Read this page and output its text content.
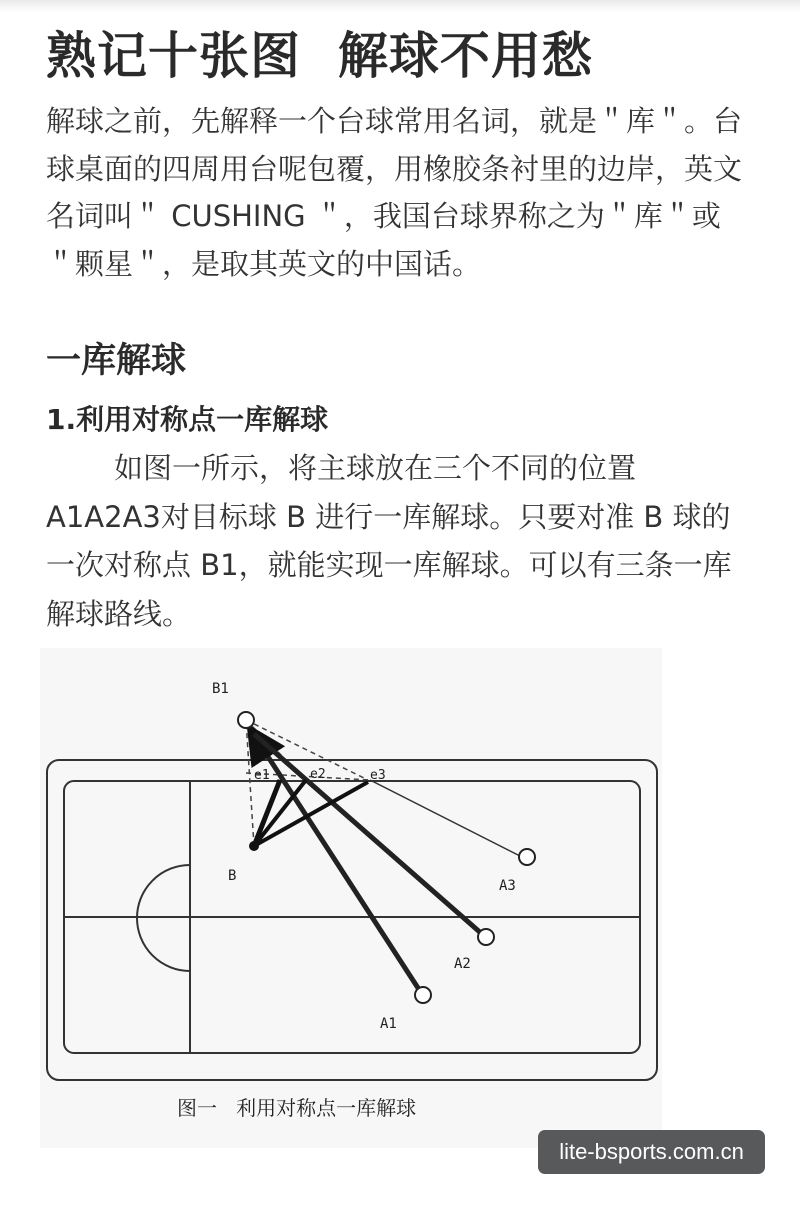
熟记十张图  解球不用愁
解球之前，先解释一个台球常用名词，就是＂库＂。台球桌面的四周用台呢包覆，用橡胶条衬里的边岸，英文名词叫＂ CUSHING ＂，我国台球界称之为＂库＂或＂颗星＂，是取其英文的中国话。
一库解球
1.利用对称点一库解球
如图一所示，将主球放在三个不同的位置A1A2A3对目标球 B 进行一库解球。只要对准 B 球的一次对称点 B1，就能实现一库解球。可以有三条一库解球路线。
B1
B
e1	e2	e3
A3
A2
A1
图一   利用对称点一库解球
lite-bsports.com.cn
